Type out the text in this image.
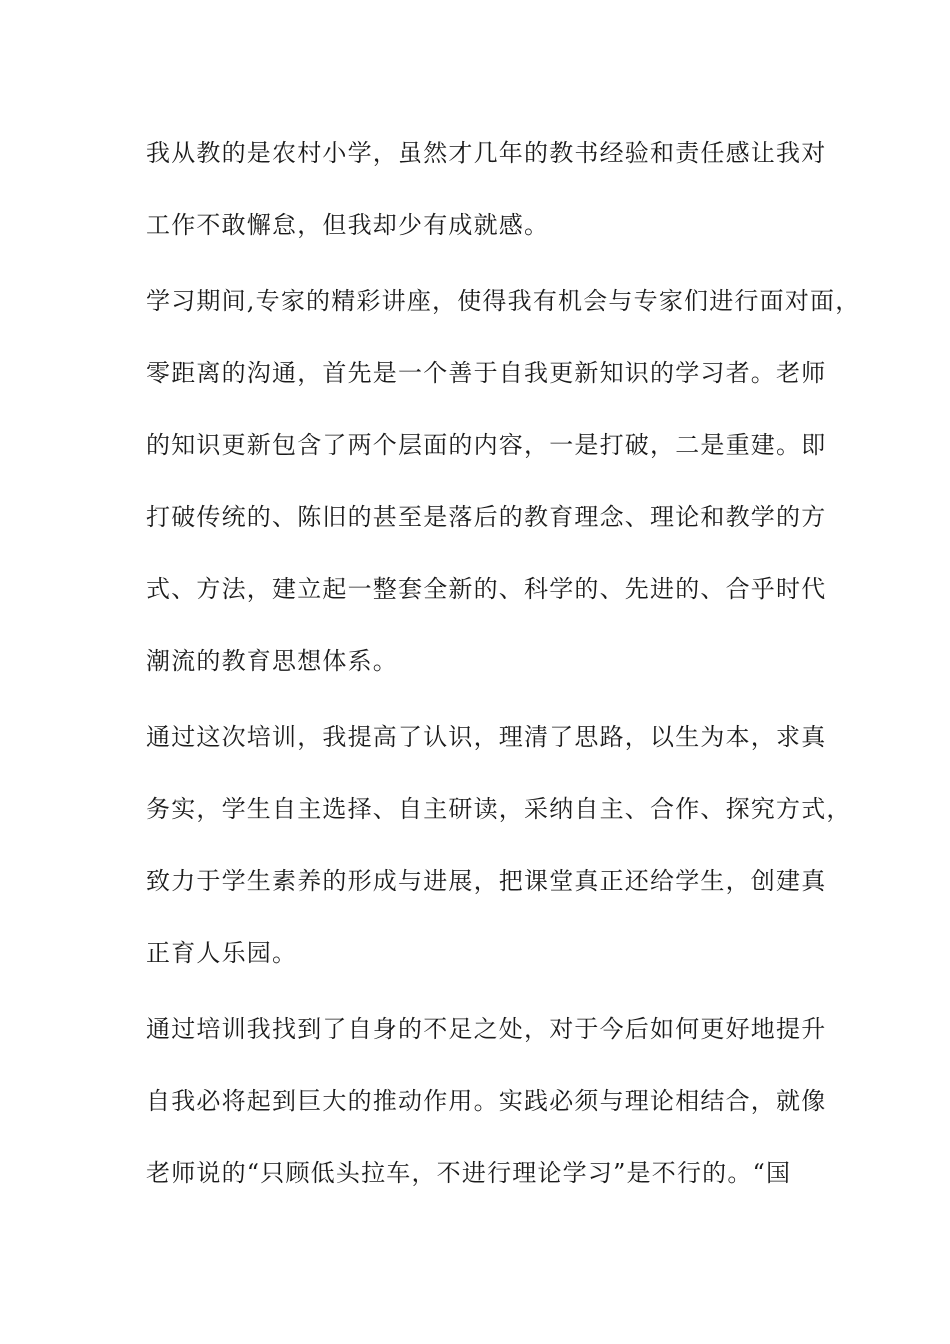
我从教的是农村小学，虽然才几年的教书经验和责任感让我对
工作不敢懈怠，但我却少有成就感。
学习期间,专家的精彩讲座，使得我有机会与专家们进行面对面，
零距离的沟通，首先是一个善于自我更新知识的学习者。老师
的知识更新包含了两个层面的内容，一是打破，二是重建。即
打破传统的、陈旧的甚至是落后的教育理念、理论和教学的方
式、方法，建立起一整套全新的、科学的、先进的、合乎时代
潮流的教育思想体系。
通过这次培训，我提高了认识，理清了思路，以生为本，求真
务实，学生自主选择、自主研读，采纳自主、合作、探究方式，
致力于学生素养的形成与进展，把课堂真正还给学生，创建真
正育人乐园。
通过培训我找到了自身的不足之处，对于今后如何更好地提升
自我必将起到巨大的推动作用。实践必须与理论相结合，就像
老师说的“只顾低头拉车，不进行理论学习”是不行的。“国
